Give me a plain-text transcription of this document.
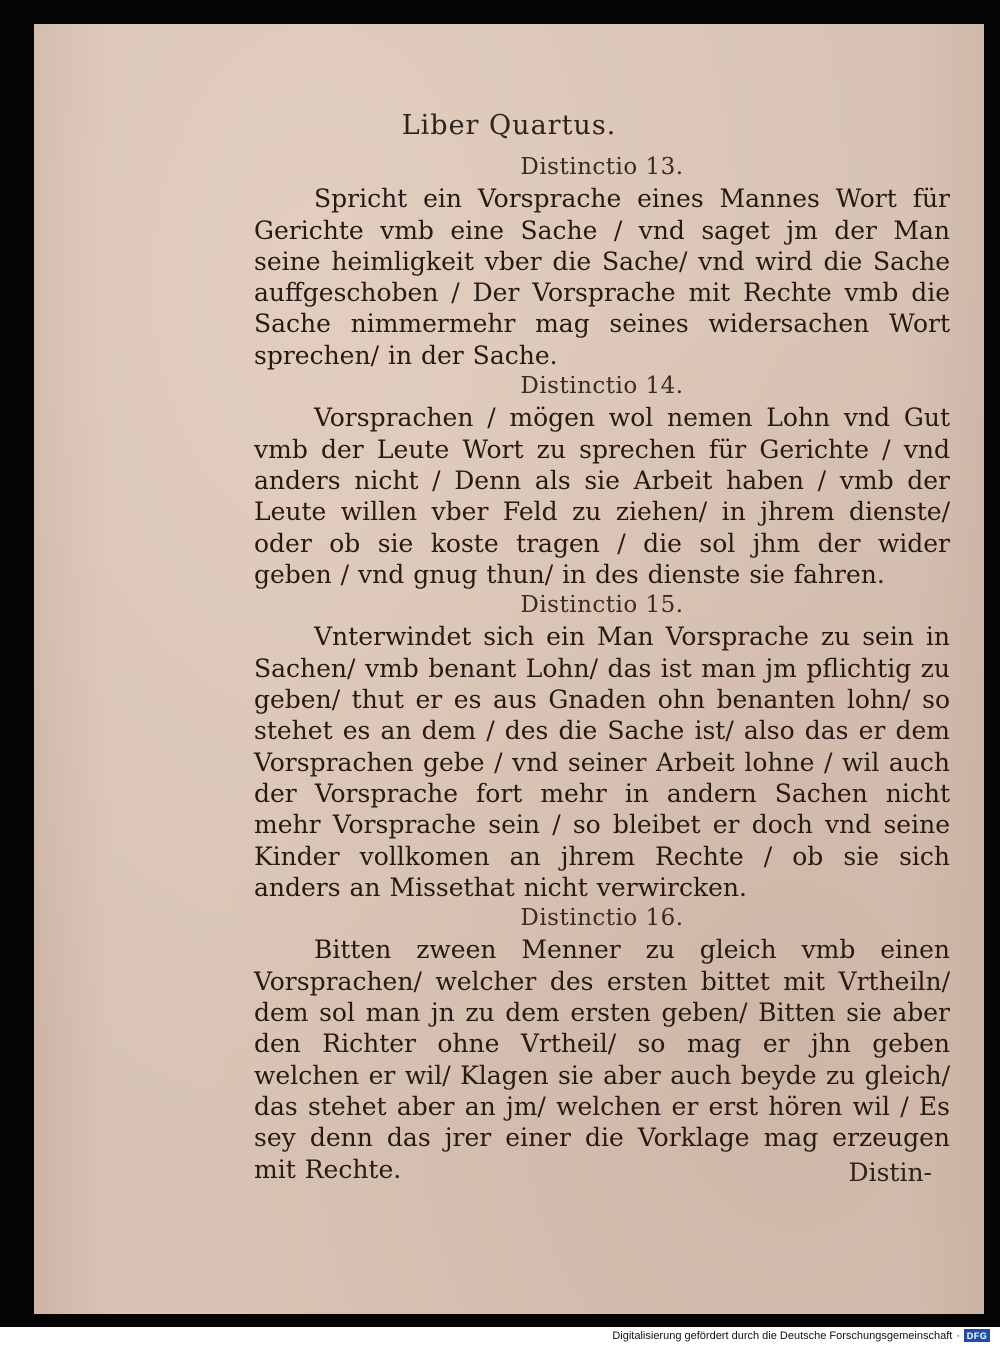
Liber Quartus.
Distinctio 13.

Spricht ein Vorsprache eines Mannes Wort für Gerichte vmb eine Sache / vnd saget jm der Man seine heimligkeit vber die Sache/ vnd wird die Sache auffgeschoben / Der Vorsprache mit Rechte vmb die Sache nimmermehr mag seines widersachen Wort sprechen/ in der Sache.

Distinctio 14.

Vorsprachen / mögen wol nemen Lohn vnd Gut vmb der Leute Wort zu sprechen für Gerichte / vnd anders nicht / Denn als sie Arbeit haben / vmb der Leute willen vber Feld zu ziehen/ in jhrem dienste/ oder ob sie koste tragen / die sol jhm der wider geben / vnd gnug thun/ in des dienste sie fahren.

Distinctio 15.

Vnterwindet sich ein Man Vorsprache zu sein in Sachen/ vmb benant Lohn/ das ist man jm pflichtig zu geben/ thut er es aus Gnaden ohn benanten lohn/ so stehet es an dem / des die Sache ist/ also das er dem Vorsprachen gebe / vnd seiner Arbeit lohne / wil auch der Vorsprache fort mehr in andern Sachen nicht mehr Vorsprache sein / so bleibet er doch vnd seine Kinder vollkomen an jhrem Rechte / ob sie sich anders an Missethat nicht verwircken.

Distinctio 16.

Bitten zween Menner zu gleich vmb einen Vorsprachen/ welcher des ersten bittet mit Vrtheiln/ dem sol man jn zu dem ersten geben/ Bitten sie aber den Richter ohne Vrtheil/ so mag er jhn geben welchen er wil/ Klagen sie aber auch beyde zu gleich/ das stehet aber an jm/ welchen er erst hören wil / Es sey denn das jrer einer die Vorklage mag erzeugen mit Rechte.	Distin-
Digitalisierung gefördert durch die Deutsche Forschungsgemeinschaft · DFG
